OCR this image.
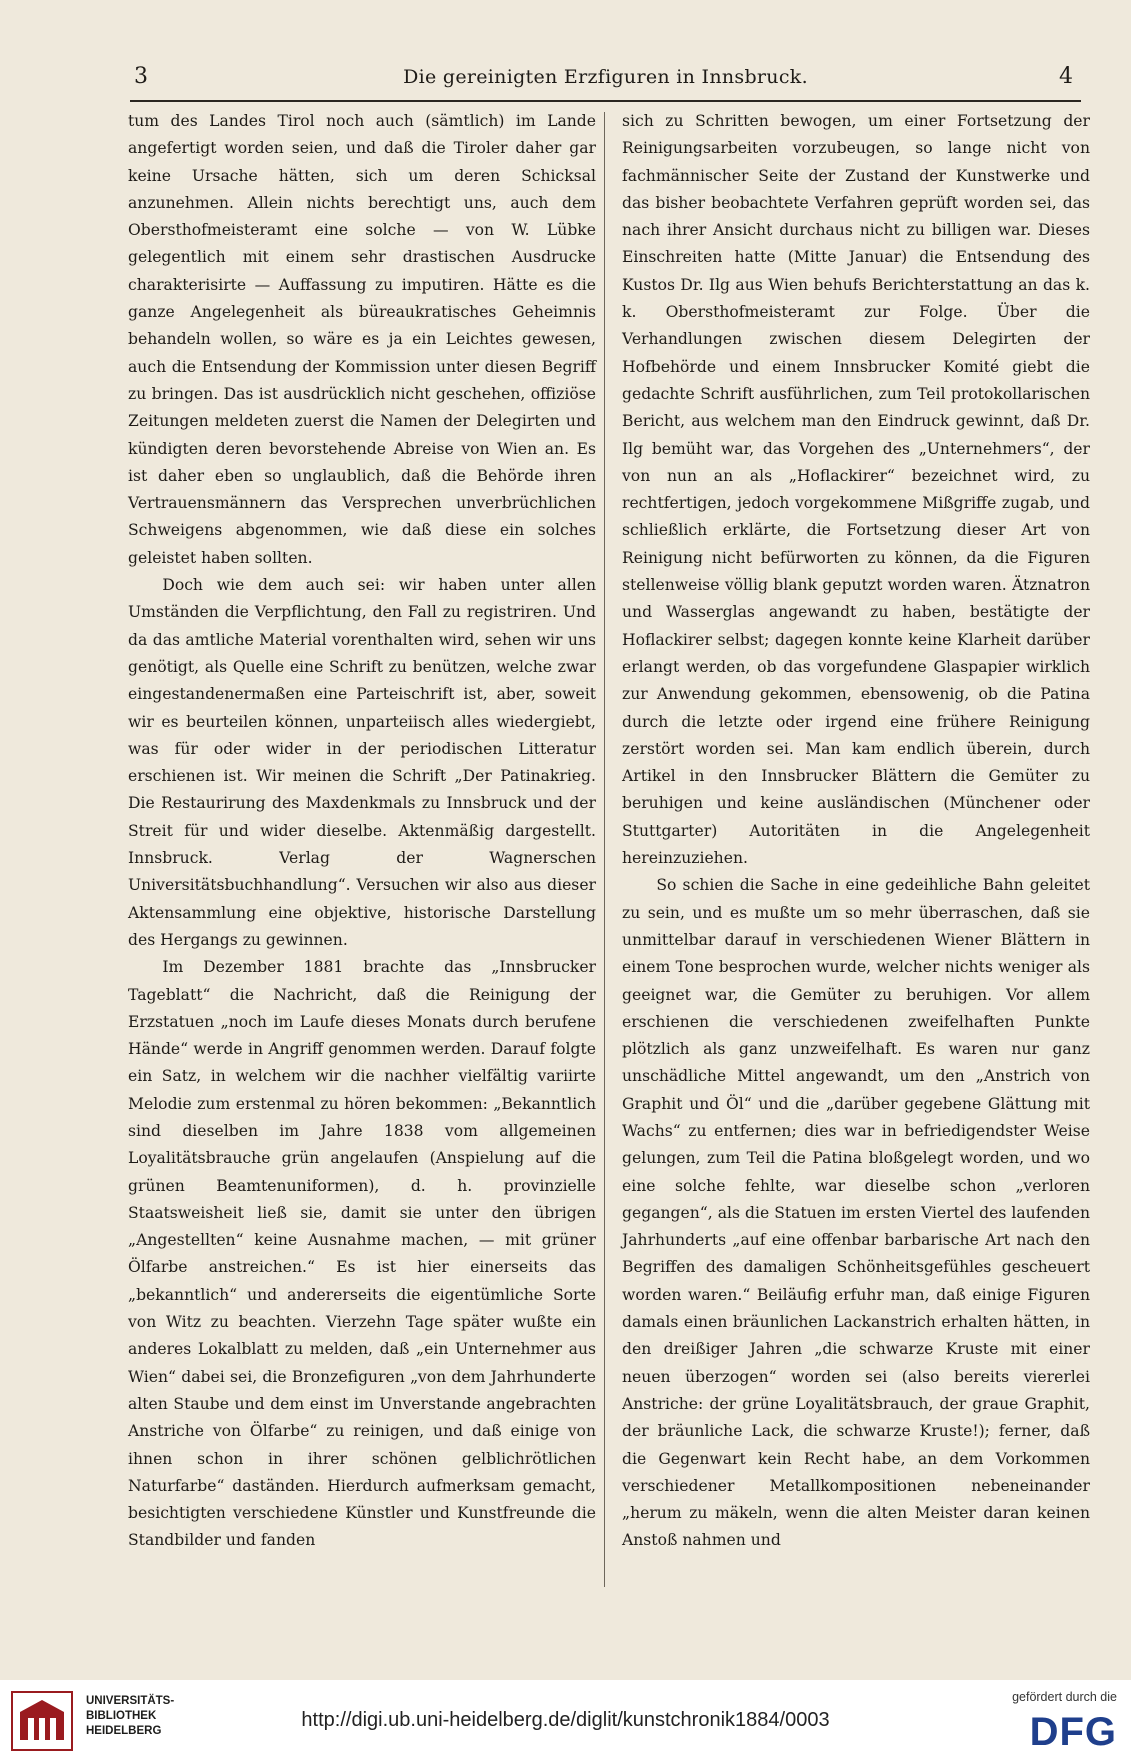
3	Die gereinigten Erzfiguren in Innsbruck.	4

tum des Landes Tirol noch auch (sämtlich) im Lande angefertigt worden seien, und daß die Tiroler daher gar keine Ursache hätten, sich um deren Schicksal anzunehmen. Allein nichts berechtigt uns, auch dem Obersthofmeisteramt eine solche — von W. Lübke gelegentlich mit einem sehr drastischen Ausdrucke charakterisirte — Auffassung zu imputiren. Hätte es die ganze Angelegenheit als büreaukratisches Geheimnis behandeln wollen, so wäre es ja ein Leichtes gewesen, auch die Entsendung der Kommission unter diesen Begriff zu bringen. Das ist ausdrücklich nicht geschehen, offiziöse Zeitungen meldeten zuerst die Namen der Delegirten und kündigten deren bevorstehende Abreise von Wien an. Es ist daher eben so unglaublich, daß die Behörde ihren Vertrauensmännern das Versprechen unverbrüchlichen Schweigens abgenommen, wie daß diese ein solches geleistet haben sollten.

Doch wie dem auch sei: wir haben unter allen Umständen die Verpflichtung, den Fall zu registriren. Und da das amtliche Material vorenthalten wird, sehen wir uns genötigt, als Quelle eine Schrift zu benützen, welche zwar eingestandenermaßen eine Parteischrift ist, aber, soweit wir es beurteilen können, unparteiisch alles wiedergiebt, was für oder wider in der periodischen Litteratur erschienen ist. Wir meinen die Schrift „Der Patinakrieg. Die Restaurirung des Maxdenkmals zu Innsbruck und der Streit für und wider dieselbe. Aktenmäßig dargestellt. Innsbruck. Verlag der Wagnerschen Universitätsbuchhandlung“. Versuchen wir also aus dieser Aktensammlung eine objektive, historische Darstellung des Hergangs zu gewinnen.

Im Dezember 1881 brachte das „Innsbrucker Tageblatt“ die Nachricht, daß die Reinigung der Erzstatuen „noch im Laufe dieses Monats durch berufene Hände“ werde in Angriff genommen werden. Darauf folgte ein Satz, in welchem wir die nachher vielfältig variirte Melodie zum erstenmal zu hören bekommen: „Bekanntlich sind dieselben im Jahre 1838 vom allgemeinen Loyalitätsbrauche grün angelaufen (Anspielung auf die grünen Beamtenuniformen), d. h. provinzielle Staatsweisheit ließ sie, damit sie unter den übrigen „Angestellten“ keine Ausnahme machen, — mit grüner Ölfarbe anstreichen.“ Es ist hier einerseits das „bekanntlich“ und andererseits die eigentümliche Sorte von Witz zu beachten. Vierzehn Tage später wußte ein anderes Lokalblatt zu melden, daß „ein Unternehmer aus Wien“ dabei sei, die Bronzefiguren „von dem Jahrhunderte alten Staube und dem einst im Unverstande angebrachten Anstriche von Ölfarbe“ zu reinigen, und daß einige von ihnen schon in ihrer schönen gelblichrötlichen Naturfarbe“ daständen. Hierdurch aufmerksam gemacht, besichtigten verschiedene Künstler und Kunstfreunde die Standbilder und fanden

sich zu Schritten bewogen, um einer Fortsetzung der Reinigungsarbeiten vorzubeugen, so lange nicht von fachmännischer Seite der Zustand der Kunstwerke und das bisher beobachtete Verfahren geprüft worden sei, das nach ihrer Ansicht durchaus nicht zu billigen war. Dieses Einschreiten hatte (Mitte Januar) die Entsendung des Kustos Dr. Ilg aus Wien behufs Berichterstattung an das k. k. Obersthofmeisteramt zur Folge. Über die Verhandlungen zwischen diesem Delegirten der Hofbehörde und einem Innsbrucker Komité giebt die gedachte Schrift ausführlichen, zum Teil protokollarischen Bericht, aus welchem man den Eindruck gewinnt, daß Dr. Ilg bemüht war, das Vorgehen des „Unternehmers“, der von nun an als „Hoflackirer“ bezeichnet wird, zu rechtfertigen, jedoch vorgekommene Mißgriffe zugab, und schließlich erklärte, die Fortsetzung dieser Art von Reinigung nicht befürworten zu können, da die Figuren stellenweise völlig blank geputzt worden waren. Ätznatron und Wasserglas angewandt zu haben, bestätigte der Hoflackirer selbst; dagegen konnte keine Klarheit darüber erlangt werden, ob das vorgefundene Glaspapier wirklich zur Anwendung gekommen, ebensowenig, ob die Patina durch die letzte oder irgend eine frühere Reinigung zerstört worden sei. Man kam endlich überein, durch Artikel in den Innsbrucker Blättern die Gemüter zu beruhigen und keine ausländischen (Münchener oder Stuttgarter) Autoritäten in die Angelegenheit hereinzuziehen.

So schien die Sache in eine gedeihliche Bahn geleitet zu sein, und es mußte um so mehr überraschen, daß sie unmittelbar darauf in verschiedenen Wiener Blättern in einem Tone besprochen wurde, welcher nichts weniger als geeignet war, die Gemüter zu beruhigen. Vor allem erschienen die verschiedenen zweifelhaften Punkte plötzlich als ganz unzweifelhaft. Es waren nur ganz unschädliche Mittel angewandt, um den „Anstrich von Graphit und Öl“ und die „darüber gegebene Glättung mit Wachs“ zu entfernen; dies war in befriedigendster Weise gelungen, zum Teil die Patina bloßgelegt worden, und wo eine solche fehlte, war dieselbe schon „verloren gegangen“, als die Statuen im ersten Viertel des laufenden Jahrhunderts „auf eine offenbar barbarische Art nach den Begriffen des damaligen Schönheitsgefühles gescheuert worden waren.“ Beiläufig erfuhr man, daß einige Figuren damals einen bräunlichen Lackanstrich erhalten hätten, in den dreißiger Jahren „die schwarze Kruste mit einer neuen überzogen“ worden sei (also bereits viererlei Anstriche: der grüne Loyalitätsbrauch, der graue Graphit, der bräunliche Lack, die schwarze Kruste!); ferner, daß die Gegenwart kein Recht habe, an dem Vorkommen verschiedener Metallkompositionen nebeneinander „herum zu mäkeln, wenn die alten Meister daran keinen Anstoß nahmen und

UNIVERSITÄTS-
BIBLIOTHEK
HEIDELBERG	http://digi.ub.uni-heidelberg.de/diglit/kunstchronik1884/0003
gefördert durch die
DFG
